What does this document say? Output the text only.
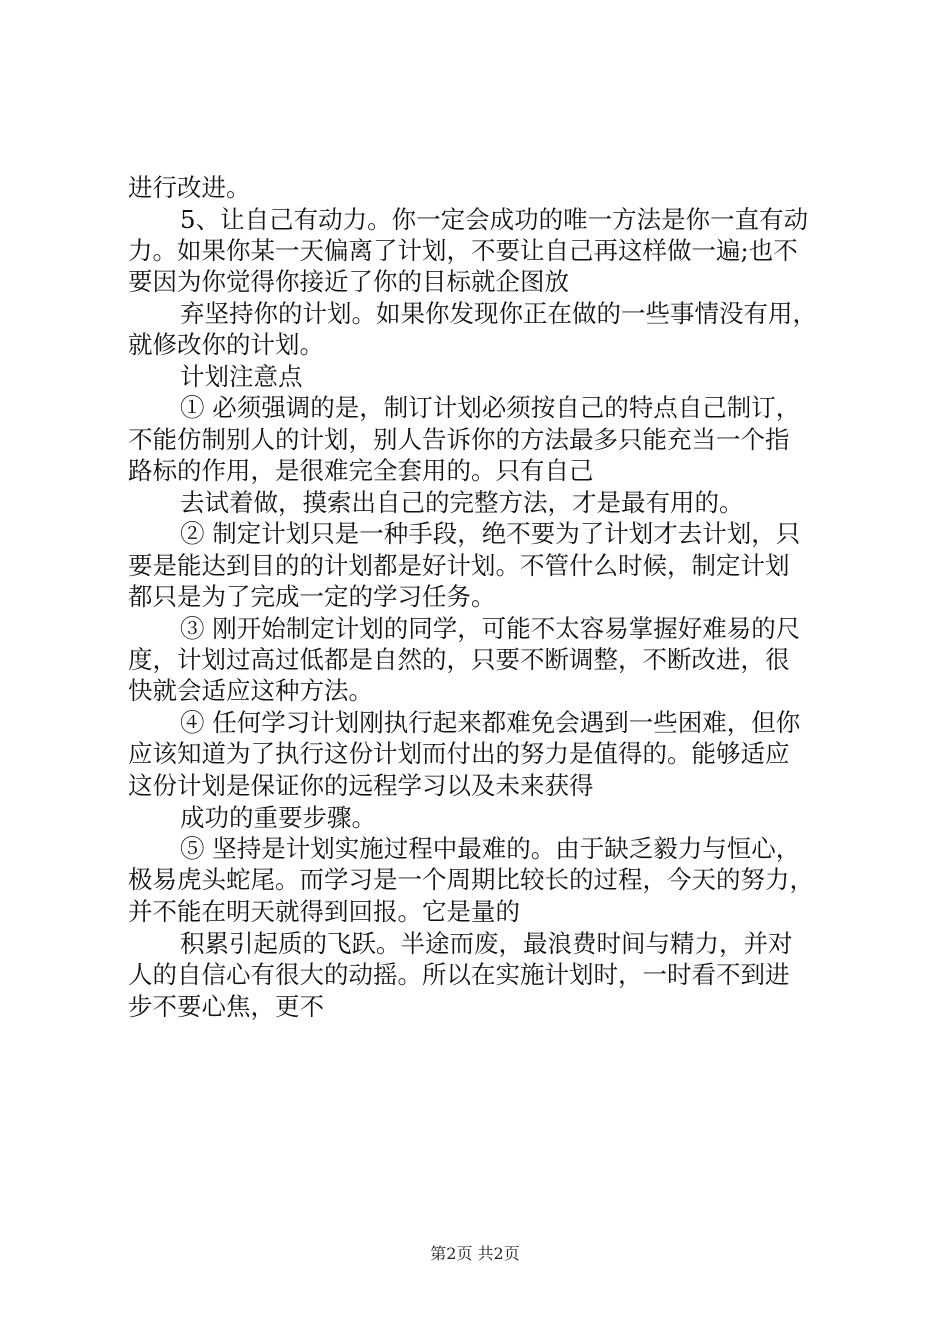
进行改进。
5、让自己有动力。你一定会成功的唯一方法是你一直有动
力。如果你某一天偏离了计划，不要让自己再这样做一遍;也不
要因为你觉得你接近了你的目标就企图放
弃坚持你的计划。如果你发现你正在做的一些事情没有用，
就修改你的计划。
计划注意点
① 必须强调的是，制订计划必须按自己的特点自己制订，
不能仿制别人的计划，别人告诉你的方法最多只能充当一个指
路标的作用，是很难完全套用的。只有自己
去试着做，摸索出自己的完整方法，才是最有用的。
② 制定计划只是一种手段，绝不要为了计划才去计划，只
要是能达到目的的计划都是好计划。不管什么时候，制定计划
都只是为了完成一定的学习任务。
③ 刚开始制定计划的同学，可能不太容易掌握好难易的尺
度，计划过高过低都是自然的，只要不断调整，不断改进，很
快就会适应这种方法。
④ 任何学习计划刚执行起来都难免会遇到一些困难，但你
应该知道为了执行这份计划而付出的努力是值得的。能够适应
这份计划是保证你的远程学习以及未来获得
成功的重要步骤。
⑤ 坚持是计划实施过程中最难的。由于缺乏毅力与恒心，
极易虎头蛇尾。而学习是一个周期比较长的过程，今天的努力，
并不能在明天就得到回报。它是量的
积累引起质的飞跃。半途而废，最浪费时间与精力，并对
人的自信心有很大的动摇。所以在实施计划时，一时看不到进
步不要心焦，更不
第2页 共2页
